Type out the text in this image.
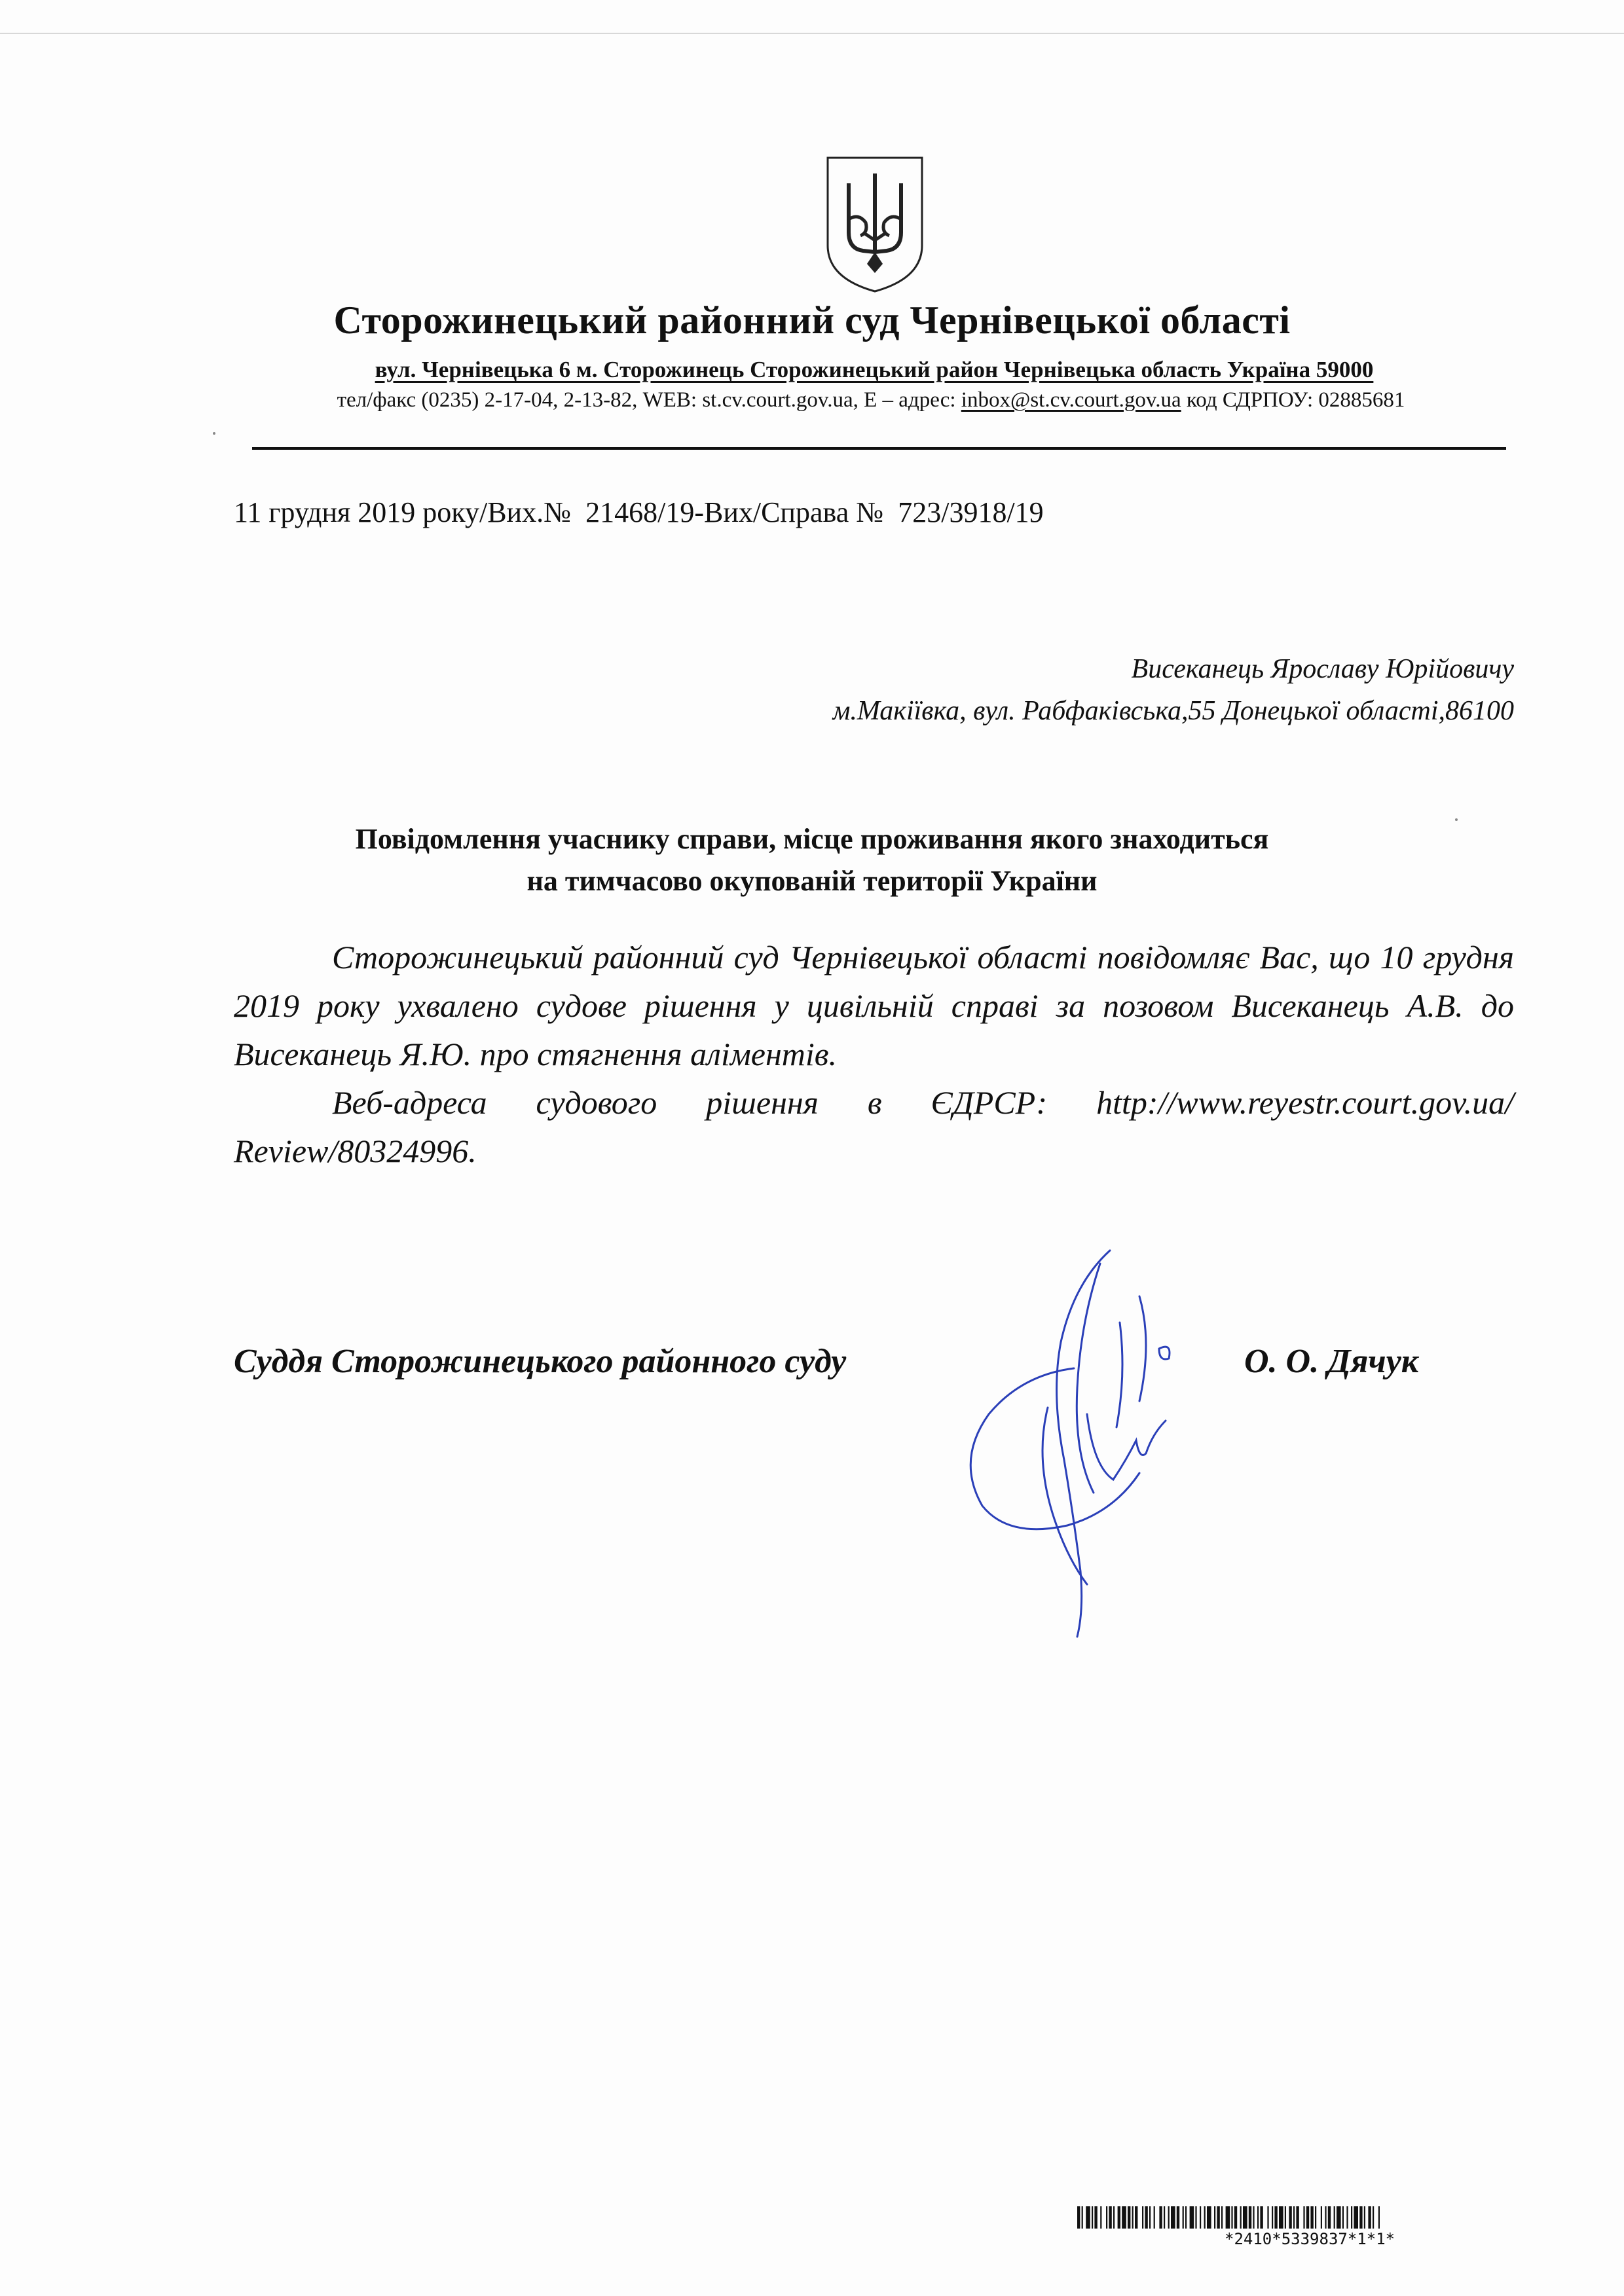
Сторожинецький районний суд Чернівецької області
вул. Чернівецька 6 м. Сторожинець Сторожинецький район Чернівецька область Україна 59000
тел/факс (0235) 2-17-04, 2-13-82, WEB: st.cv.court.gov.ua, E – адрес: inbox@st.cv.court.gov.ua код СДРПОУ: 02885681
11 грудня 2019 року/Вих.№  21468/19-Вих/Справа №  723/3918/19
Висеканець Ярославу Юрійовичу
м.Макіївка, вул. Рабфаківська,55 Донецької області,86100
Повідомлення учаснику справи, місце проживання якого знаходиться
на тимчасово окупованій території України

Сторожинецький районний суд Чернівецької області повідомляє Вас, що 10 грудня 2019 року ухвалено судове рішення у цивільній справі за позовом Висеканець А.В. до Висеканець Я.Ю. про стягнення аліментів.

Веб-адреса судового рішення в ЄДРСР: http://www.reyestr.court.gov.ua/ Review/80324996.

Суддя Сторожинецького районного суду	О. О. Дячук
*2410*5339837*1*1*
